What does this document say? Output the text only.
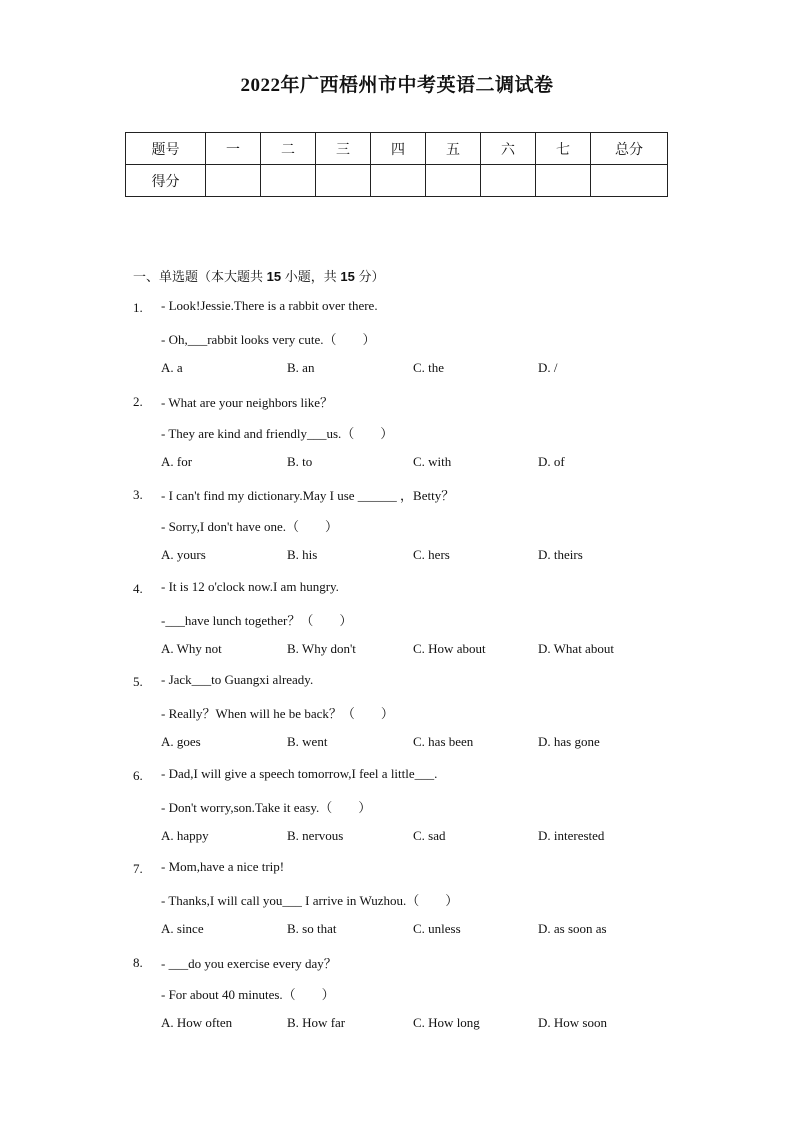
2022年广西梧州市中考英语二调试卷
题号	一	二	三	四	五	六	七	总分
得分								
一、单选题（本大题共 15 小题，共 15 分）
1. - Look!Jessie.There is a rabbit over there.
- Oh,___rabbit looks very cute.（　　）
A. a	B. an	C. the	D. /
2. - What are your neighbors like？
- They are kind and friendly___us.（　　）
A. for	B. to	C. with	D. of
3. - I can't find my dictionary.May I use ______ ，Betty？
- Sorry,I don't have one.（　　）
A. yours	B. his	C. hers	D. theirs
4. - It is 12 o'clock now.I am hungry.
-___have lunch together？（　　）
A. Why not	B. Why don't	C. How about	D. What about
5. - Jack___to Guangxi already.
- Really？When will he be back？（　　）
A. goes	B. went	C. has been	D. has gone
6. - Dad,I will give a speech tomorrow,I feel a little___.
- Don't worry,son.Take it easy.（　　）
A. happy	B. nervous	C. sad	D. interested
7. - Mom,have a nice trip!
- Thanks,I will call you___ I arrive in Wuzhou.（　　）
A. since	B. so that	C. unless	D. as soon as
8. - ___do you exercise every day？
- For about 40 minutes.（　　）
A. How often	B. How far	C. How long	D. How soon
